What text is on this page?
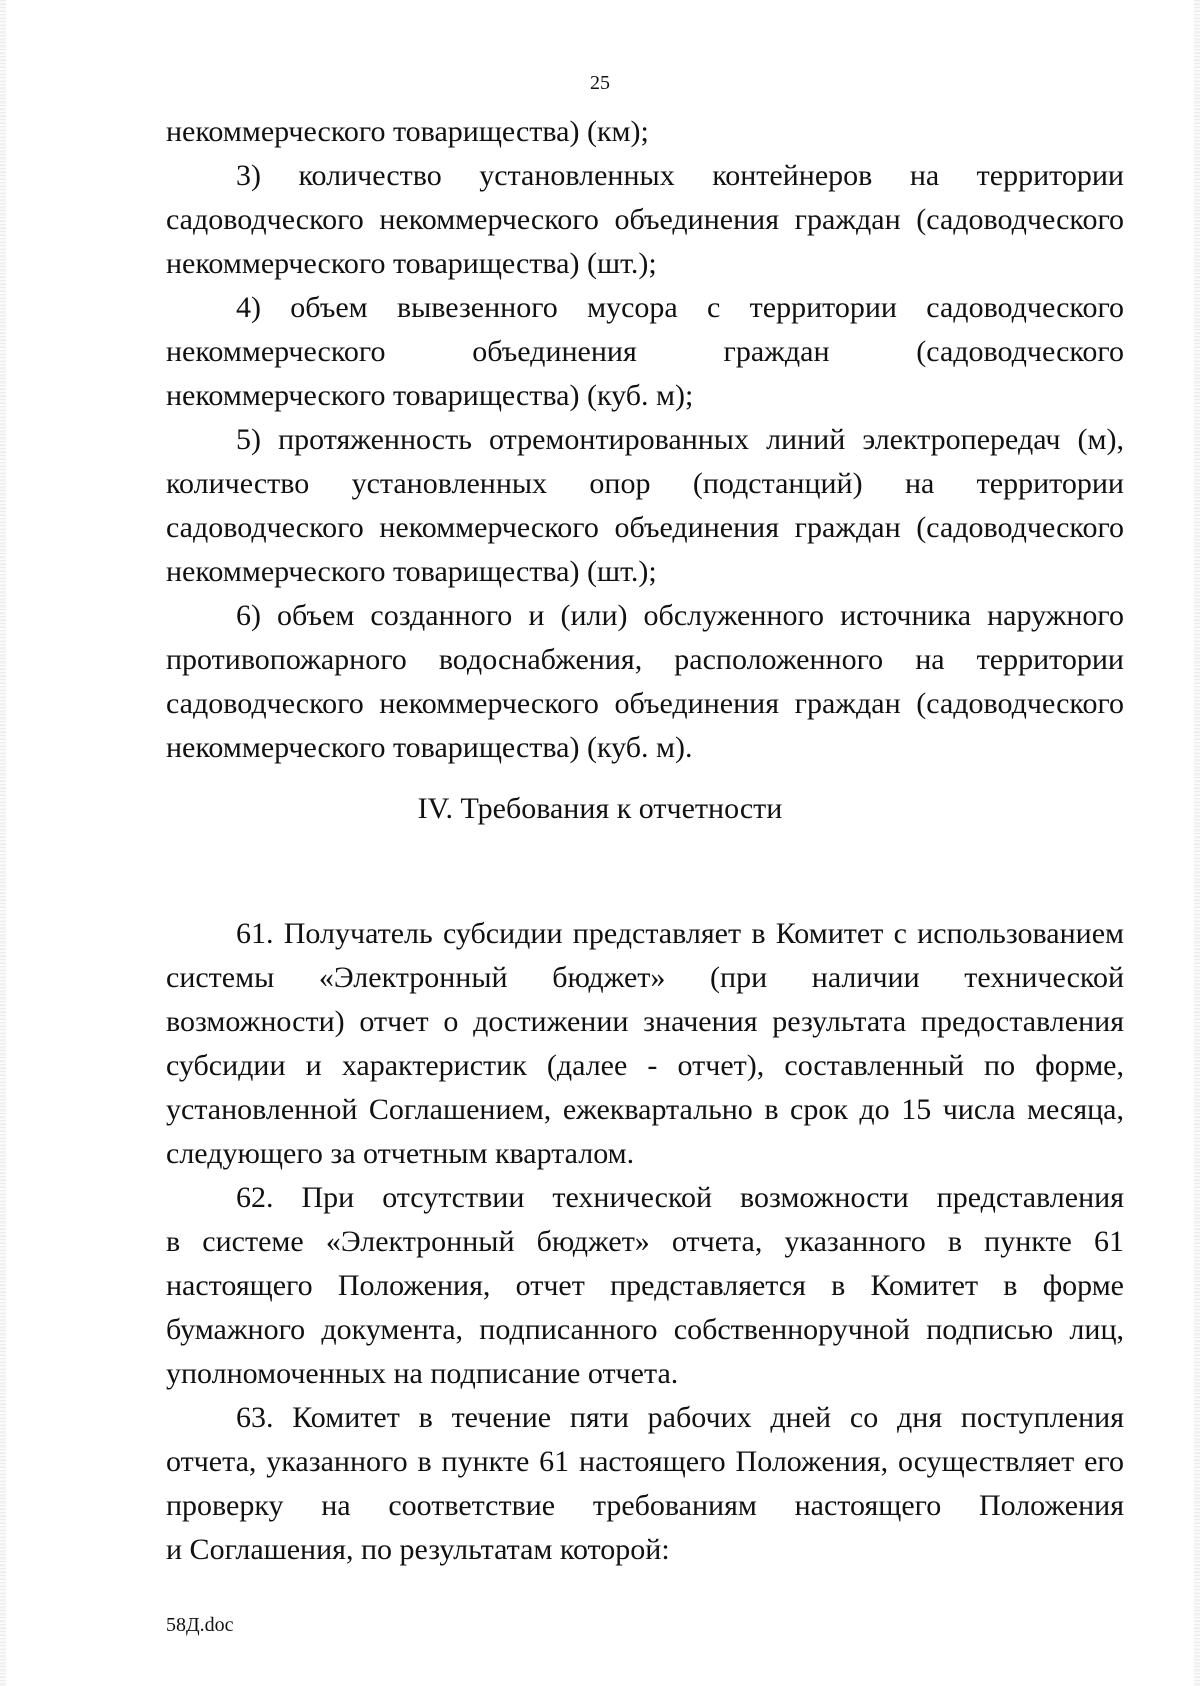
25

некоммерческого товарищества) (км);

3) количество установленных контейнеров на территории

садоводческого некоммерческого объединения граждан (садоводческого

некоммерческого товарищества) (шт.);

4) объем вывезенного мусора с территории садоводческого

некоммерческого объединения граждан (садоводческого

некоммерческого товарищества) (куб. м);

5) протяженность отремонтированных линий электропередач (м),

количество установленных опор (подстанций) на территории

садоводческого некоммерческого объединения граждан (садоводческого

некоммерческого товарищества) (шт.);

6) объем созданного и (или) обслуженного источника наружного

противопожарного водоснабжения, расположенного на территории

садоводческого некоммерческого объединения граждан (садоводческого

некоммерческого товарищества) (куб. м).

IV. Требования к отчетности

61. Получатель субсидии представляет в Комитет с использованием

системы «Электронный бюджет» (при наличии технической

возможности) отчет о достижении значения результата предоставления

субсидии и характеристик (далее - отчет), составленный по форме,

установленной Соглашением, ежеквартально в срок до 15 числа месяца,

следующего за отчетным кварталом.

62. При отсутствии технической возможности представления

в системе «Электронный бюджет» отчета, указанного в пункте 61

настоящего Положения, отчет представляется в Комитет в форме

бумажного документа, подписанного собственноручной подписью лиц,

уполномоченных на подписание отчета.

63. Комитет в течение пяти рабочих дней со дня поступления

отчета, указанного в пункте 61 настоящего Положения, осуществляет его

проверку на соответствие требованиям настоящего Положения

и Соглашения, по результатам которой:

58Д.doc
